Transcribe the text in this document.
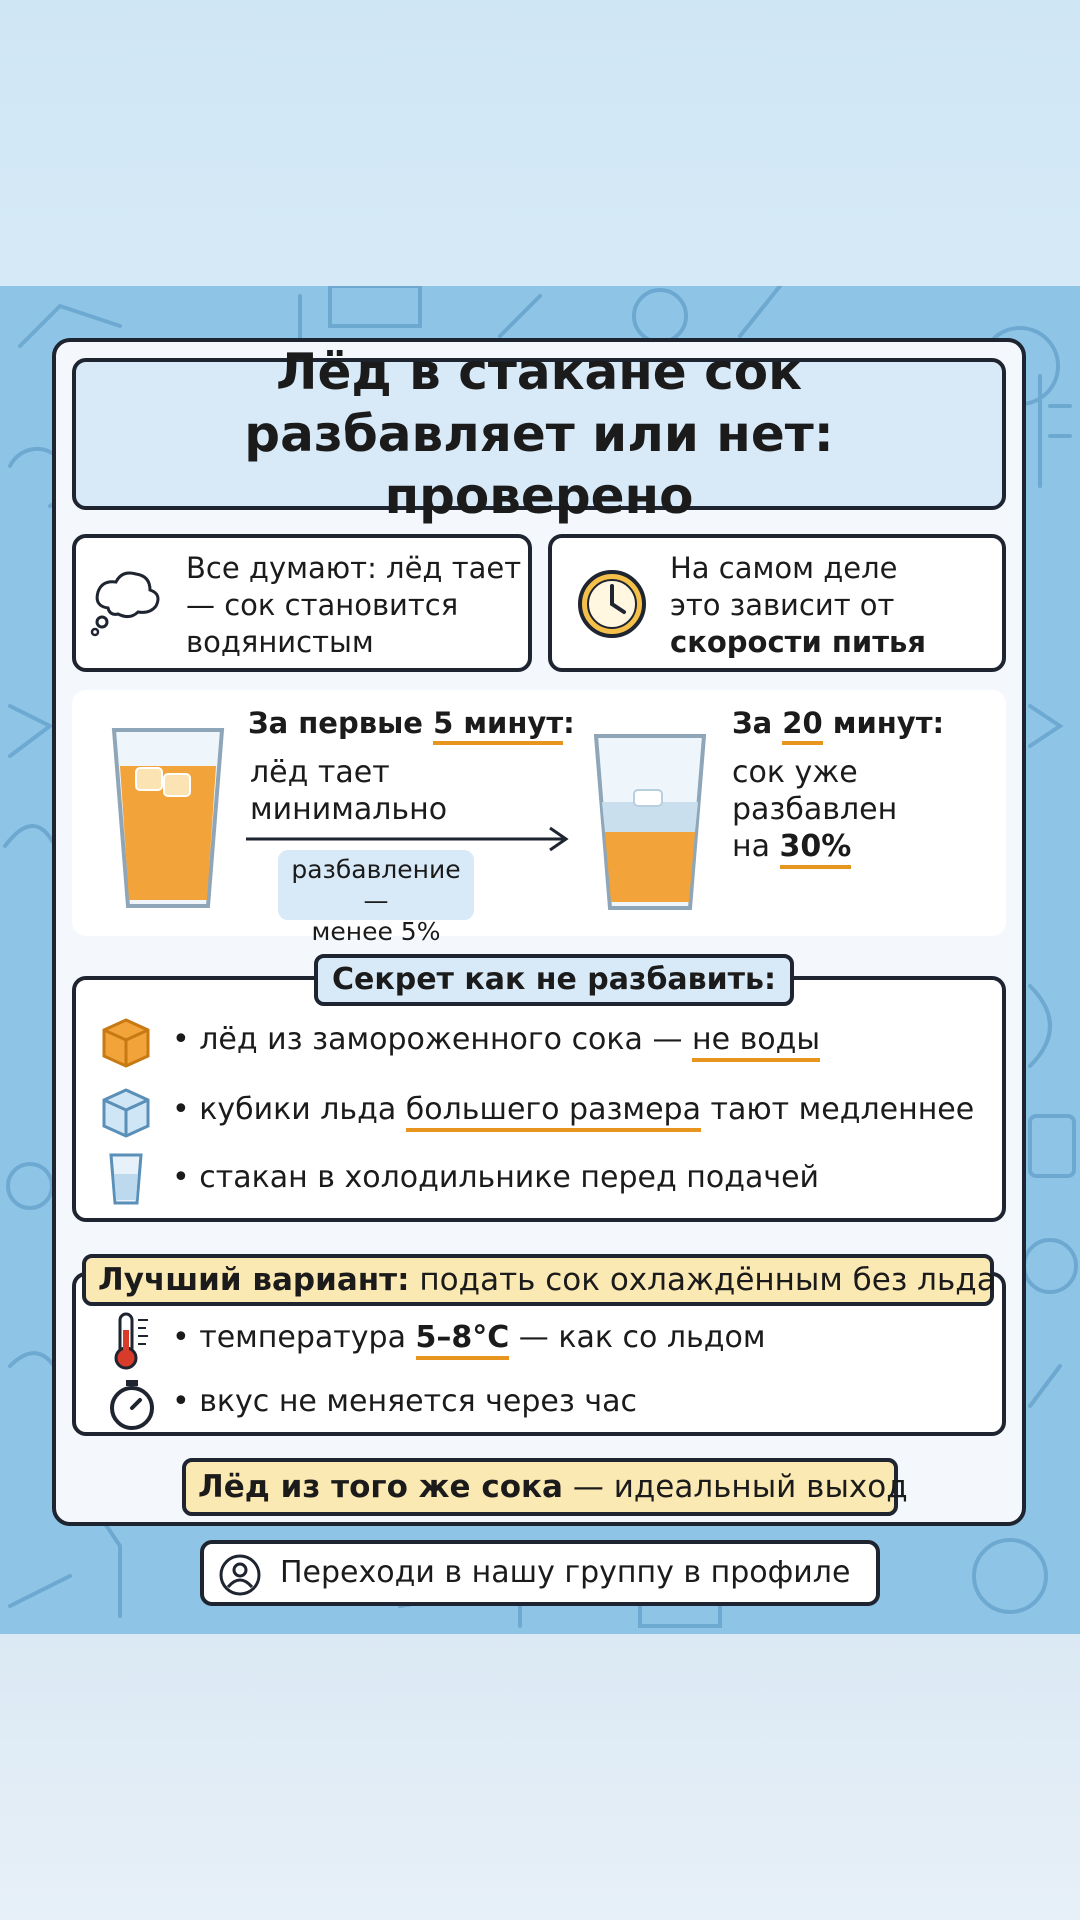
Лёд в стакане сок разбавляет или нет: проверено
Все думают: лёд тает
— сок становится
водянистым
На самом деле
это зависит от
скорости питья
За первые 5 минут:
лёд тает
минимально
разбавление —
менее 5%
За 20 минут:
сок уже
разбавлен
на 30%
Секрет как не разбавить:
• лёд из замороженного сока — не воды
• кубики льда большего размера тают медленнее
• стакан в холодильнике перед подачей
Лучший вариант: подать сок охлаждённым без льда
• температура 5–8°C — как со льдом
• вкус не меняется через час
Лёд из того же сока — идеальный выход
Переходи в нашу группу в профиле
